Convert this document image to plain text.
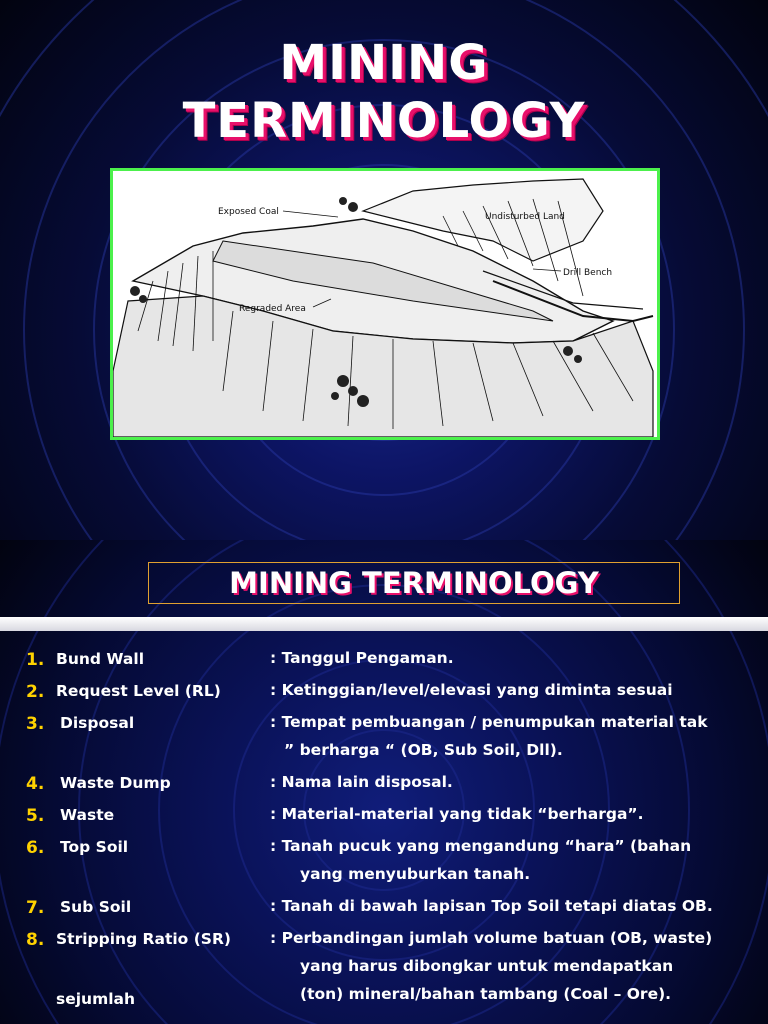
MINING
TERMINOLOGY
Exposed Coal	Undisturbed Land
Drill Bench
Regraded Area
MINING TERMINOLOGY
1. Bund Wall	: Tanggul Pengaman.
2. Request Level (RL)	: Ketinggian/level/elevasi yang diminta sesuai
3. Disposal	: Tempat pembuangan / penumpukan material tak
” berharga “ (OB, Sub Soil, Dll).
4. Waste Dump	: Nama lain disposal.
5. Waste	: Material-material yang tidak “berharga”.
6. Top Soil	: Tanah pucuk yang mengandung “hara” (bahan
yang menyuburkan tanah.
7. Sub Soil	: Tanah di bawah lapisan Top Soil tetapi diatas OB.
8. Stripping Ratio (SR)	: Perbandingan jumlah volume batuan (OB, waste)
yang harus dibongkar untuk mendapatkan
(ton) mineral/bahan tambang (Coal – Ore).
sejumlah
